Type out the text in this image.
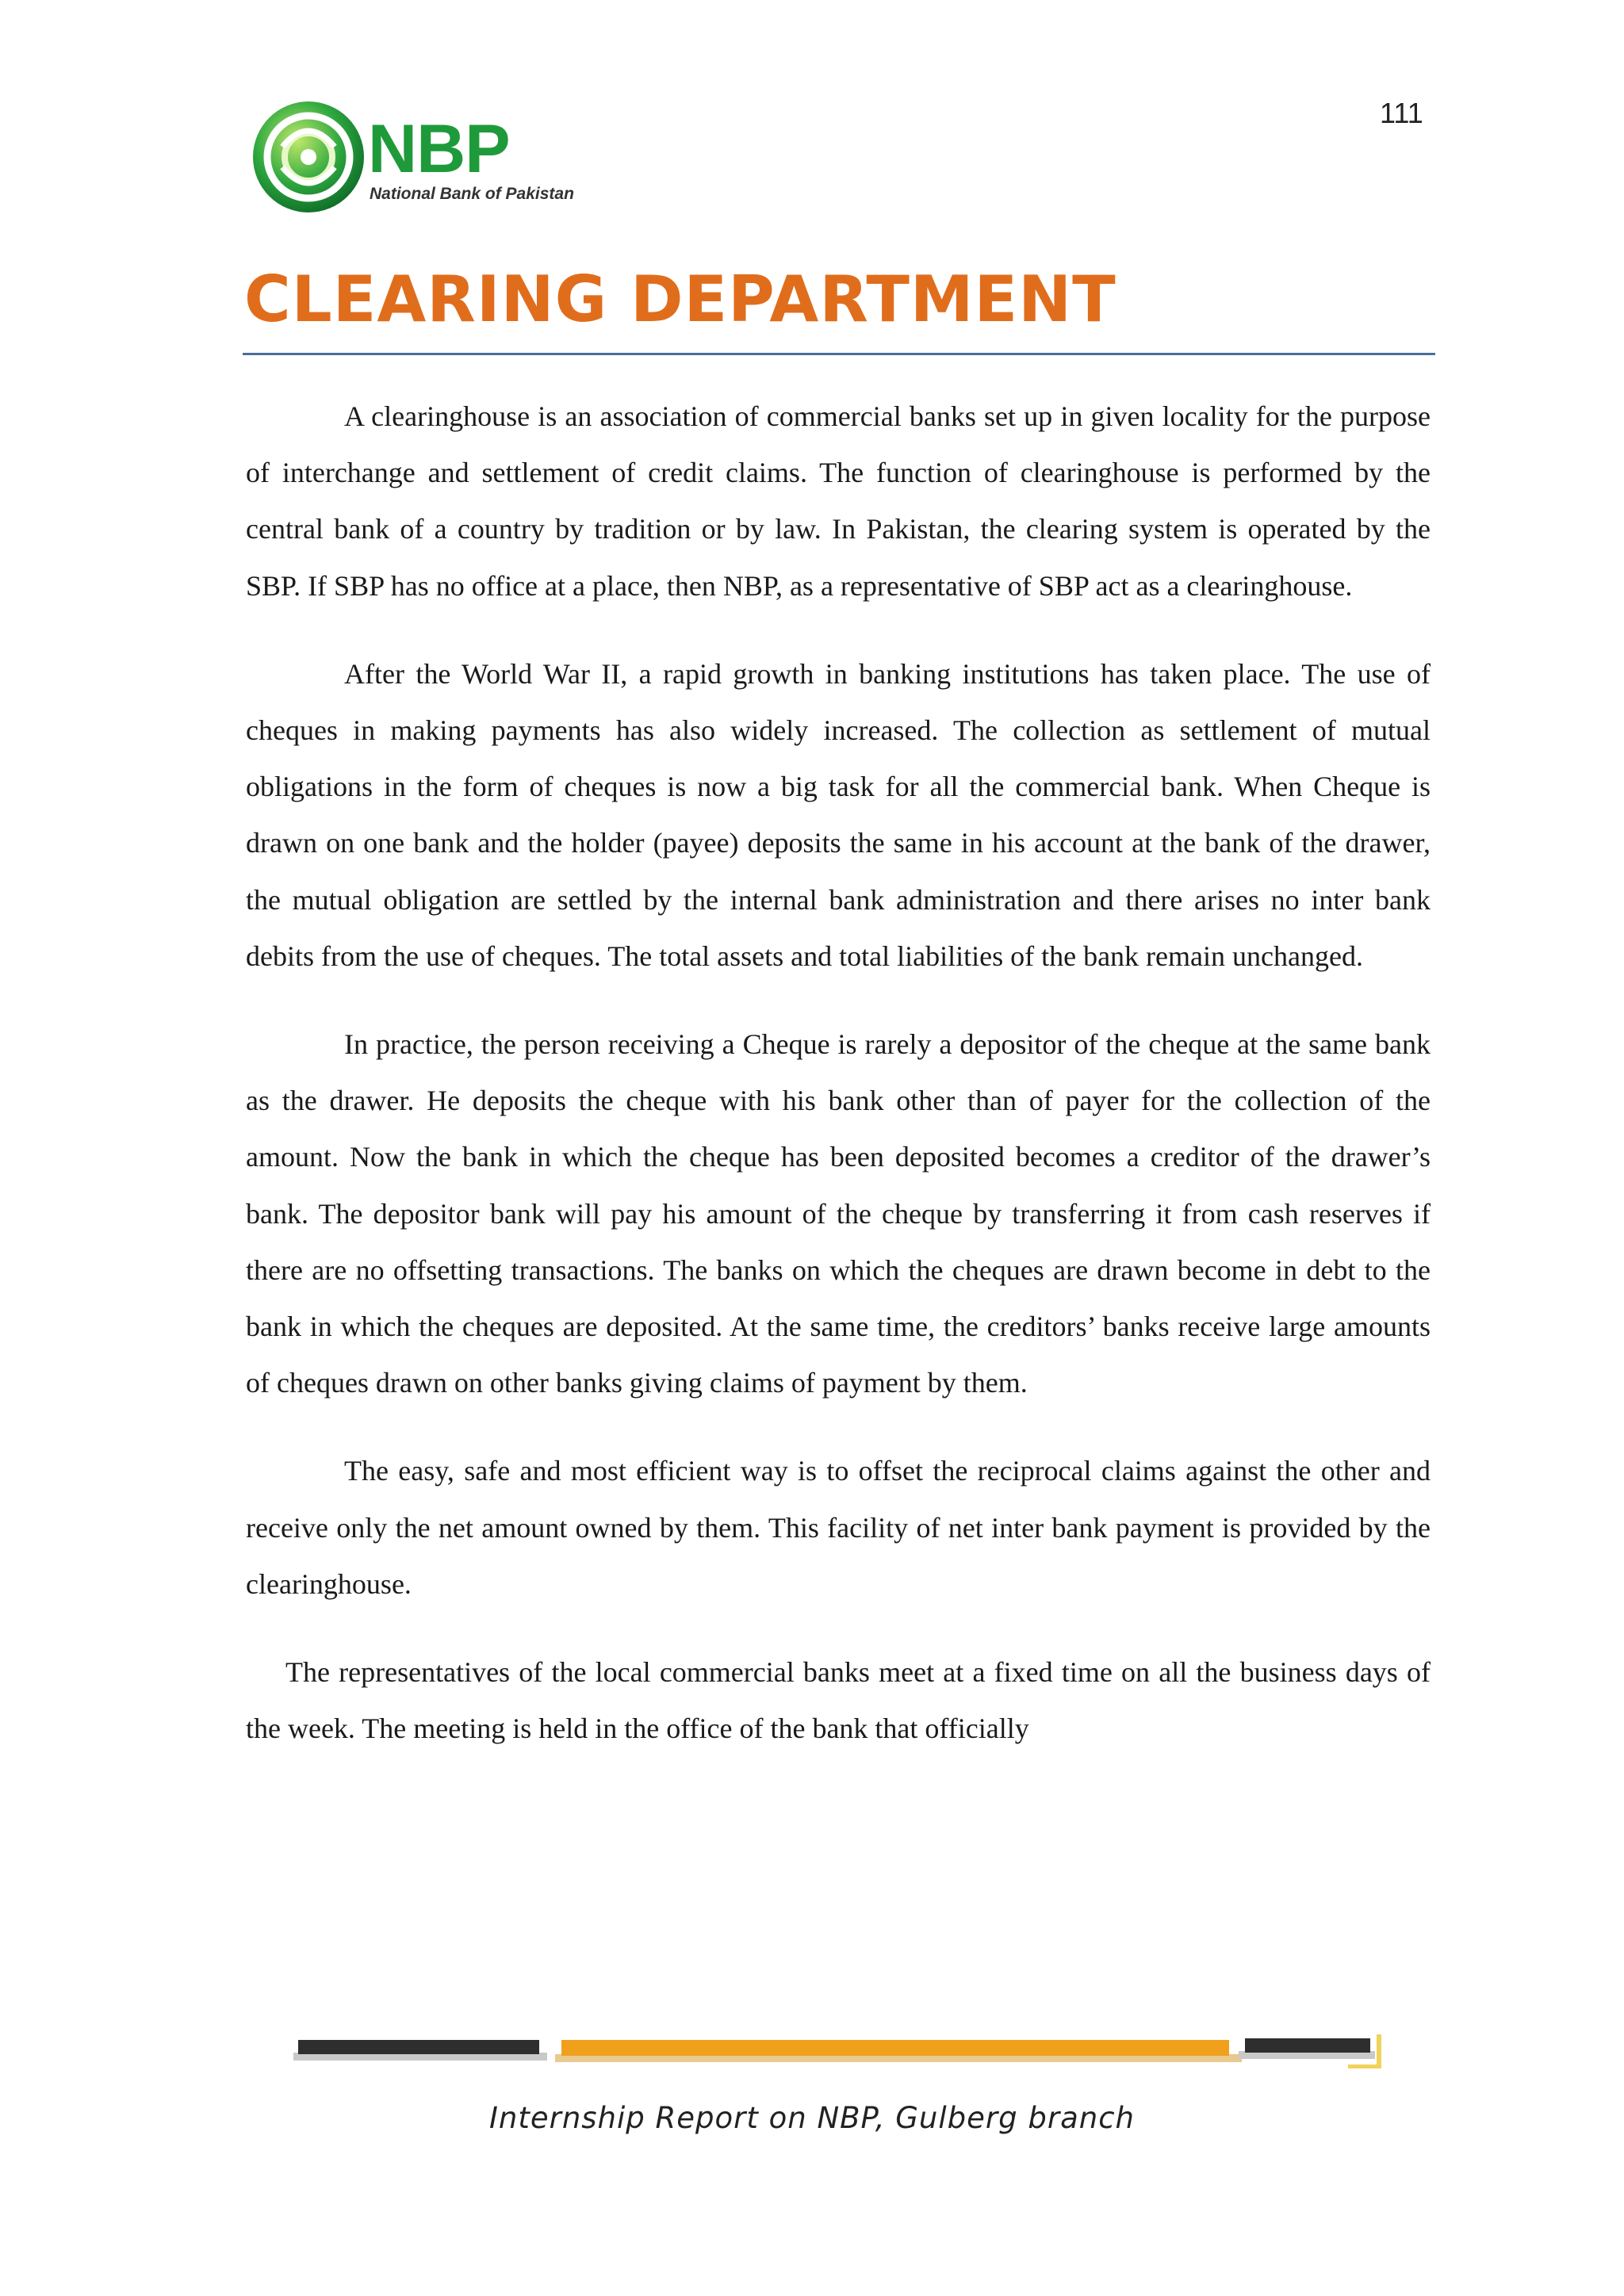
111
NBP
National Bank of Pakistan
CLEARING DEPARTMENT

A clearinghouse is an association of commercial banks set up in given locality for the purpose of interchange and settlement of credit claims. The function of clearinghouse is performed by the central bank of a country by tradition or by law. In Pakistan, the clearing system is operated by the SBP. If SBP has no office at a place, then NBP, as a representative of SBP act as a clearinghouse.

After the World War II, a rapid growth in banking institutions has taken place. The use of cheques in making payments has also widely increased. The collection as settlement of mutual obligations in the form of cheques is now a big task for all the commercial bank. When Cheque is drawn on one bank and the holder (payee) deposits the same in his account at the bank of the drawer, the mutual obligation are settled by the internal bank administration and there arises no inter bank debits from the use of cheques. The total assets and total liabilities of the bank remain unchanged.

In practice, the person receiving a Cheque is rarely a depositor of the cheque at the same bank as the drawer. He deposits the cheque with his bank other than of payer for the collection of the amount. Now the bank in which the cheque has been deposited becomes a creditor of the drawer’s bank. The depositor bank will pay his amount of the cheque by transferring it from cash reserves if there are no offsetting transactions. The banks on which the cheques are drawn become in debt to the bank in which the cheques are deposited. At the same time, the creditors’ banks receive large amounts of cheques drawn on other banks giving claims of payment by them.

The easy, safe and most efficient way is to offset the reciprocal claims against the other and receive only the net amount owned by them. This facility of net inter bank payment is provided by the clearinghouse.

The representatives of the local commercial banks meet at a fixed time on all the business days of the week. The meeting is held in the office of the bank that officially

Internship Report on NBP, Gulberg branch
